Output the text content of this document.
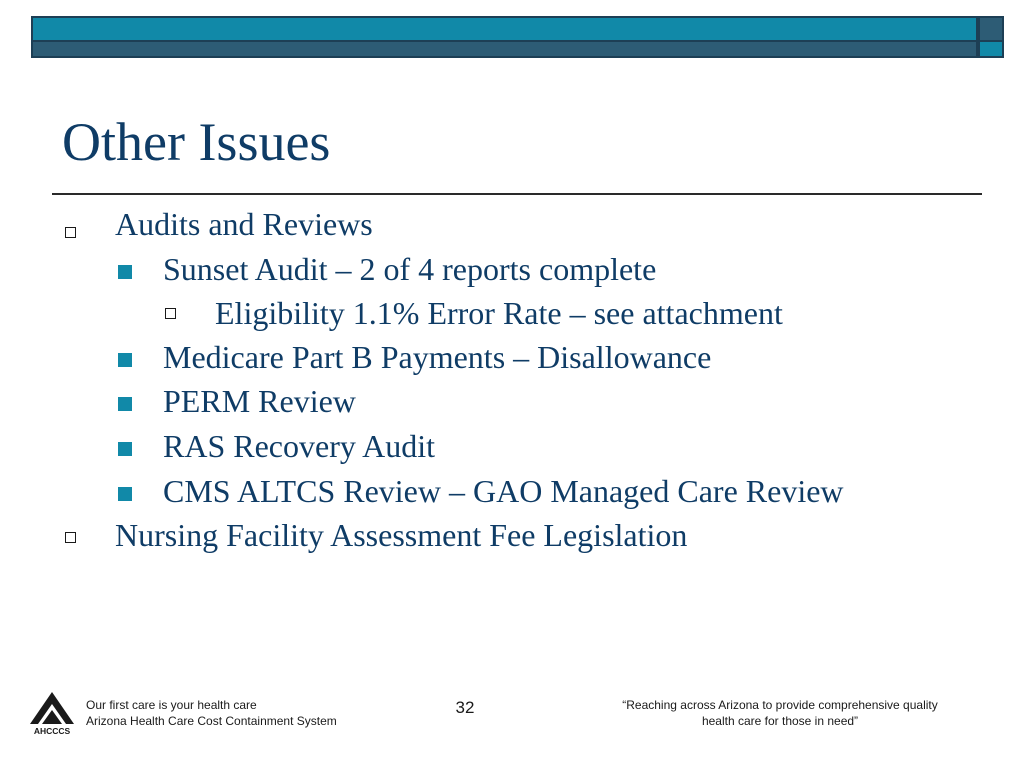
Other Issues
Audits and Reviews
Sunset Audit – 2 of 4 reports complete
Eligibility 1.1% Error Rate – see attachment
Medicare Part B Payments – Disallowance
PERM Review
RAS Recovery Audit
CMS ALTCS Review – GAO Managed Care Review
Nursing Facility Assessment Fee Legislation
AHCCCS
Our first care is your health care
Arizona Health Care Cost Containment System
32	“Reaching across Arizona to provide comprehensive quality
health care for those in need”
